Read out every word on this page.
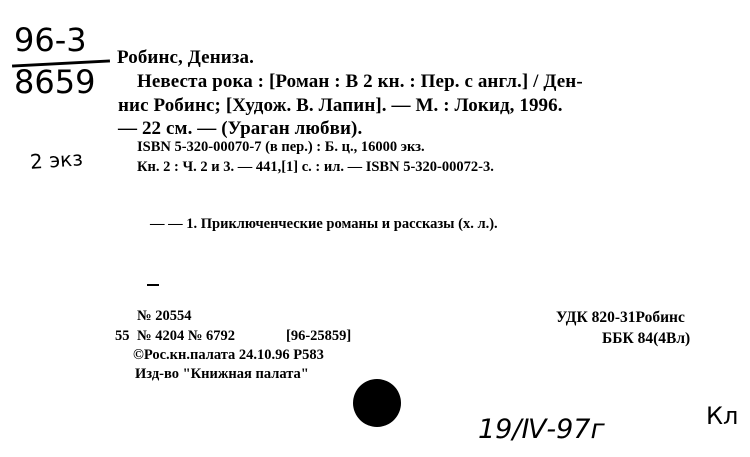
96-3
8659
2 экз
Робинс, Дениза.
Невеста рока : [Роман : В 2 кн. : Пер. с англ.] / Ден-
нис Робинс; [Худож. В. Лапин]. — М. : Локид, 1996.
— 22 см. — (Ураган любви).
ISBN 5-320-00070-7 (в пер.) : Б. ц., 16000 экз.
Кн. 2 : Ч. 2 и 3. — 441,[1] с. : ил. — ISBN 5-320-00072-3.
— — 1. Приключенческие романы и рассказы (х. л.).
№ 20554
55 № 4204 № 6792	[96-25859]
©Рос.кн.палата 24.10.96 Р583
Изд-во "Книжная палата"
УДК 820-31Робинс
ББК 84(4Вл)
19/Ⅳ-97г	Кл
